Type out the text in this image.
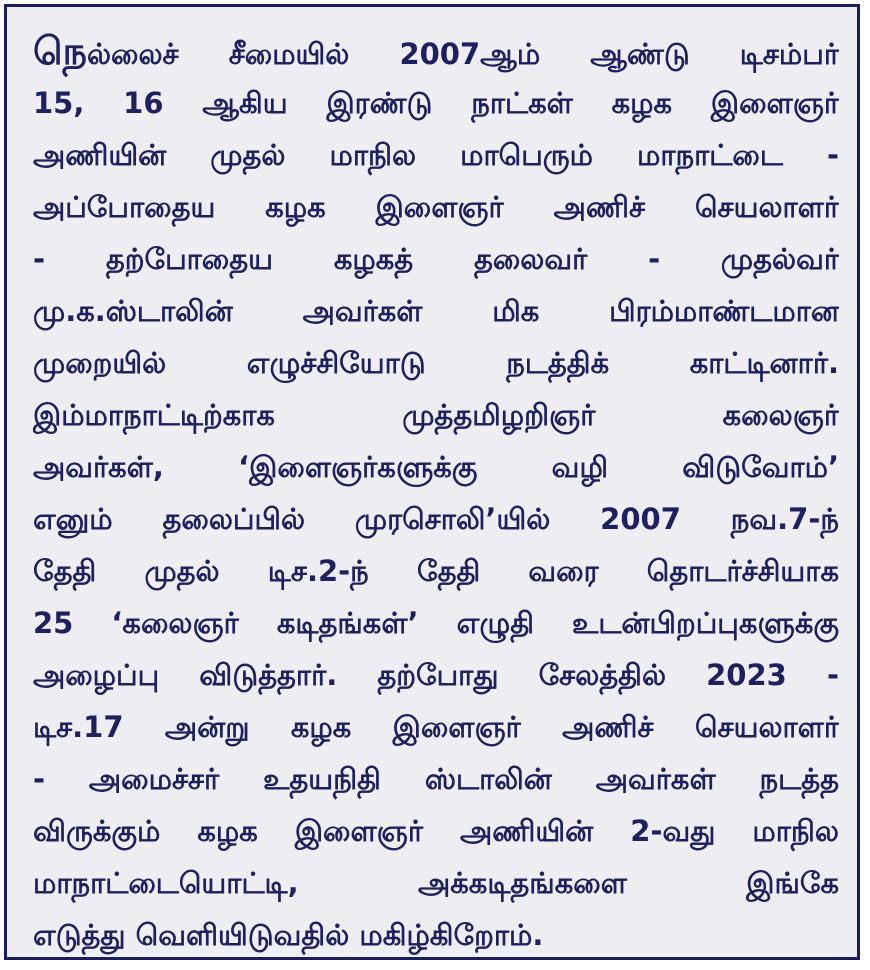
நெல்லைச் சீமையில் 2007ஆம் ஆண்டு டிசம்பர்
15, 16 ஆகிய இரண்டு நாட்கள் கழக இளைஞர்
அணியின் முதல் மாநில மாபெரும் மாநாட்டை -
அப்போதைய கழக இளைஞர் அணிச் செயலாளர்
- தற்போதைய கழகத் தலைவர் - முதல்வர்
மு.க.ஸ்டாலின் அவர்கள் மிக பிரம்மாண்டமான
முறையில் எழுச்சியோடு நடத்திக் காட்டினார்.
இம்மாநாட்டிற்காக முத்தமிழறிஞர் கலைஞர்
அவர்கள், ‘இளைஞர்களுக்கு வழி விடுவோம்’
எனும் தலைப்பில் முரசொலி’யில் 2007 நவ.7-ந்
தேதி முதல் டிச.2-ந் தேதி வரை தொடர்ச்சியாக
25 ‘கலைஞர் கடிதங்கள்’ எழுதி உடன்பிறப்புகளுக்கு
அழைப்பு விடுத்தார். தற்போது சேலத்தில் 2023 -
டிச.17 அன்று கழக இளைஞர் அணிச் செயலாளர்
- அமைச்சர் உதயநிதி ஸ்டாலின் அவர்கள் நடத்த
விருக்கும் கழக இளைஞர் அணியின் 2-வது மாநில
மாநாட்டையொட்டி, அக்கடிதங்களை இங்கே
எடுத்து வெளியிடுவதில் மகிழ்கிறோம்.
